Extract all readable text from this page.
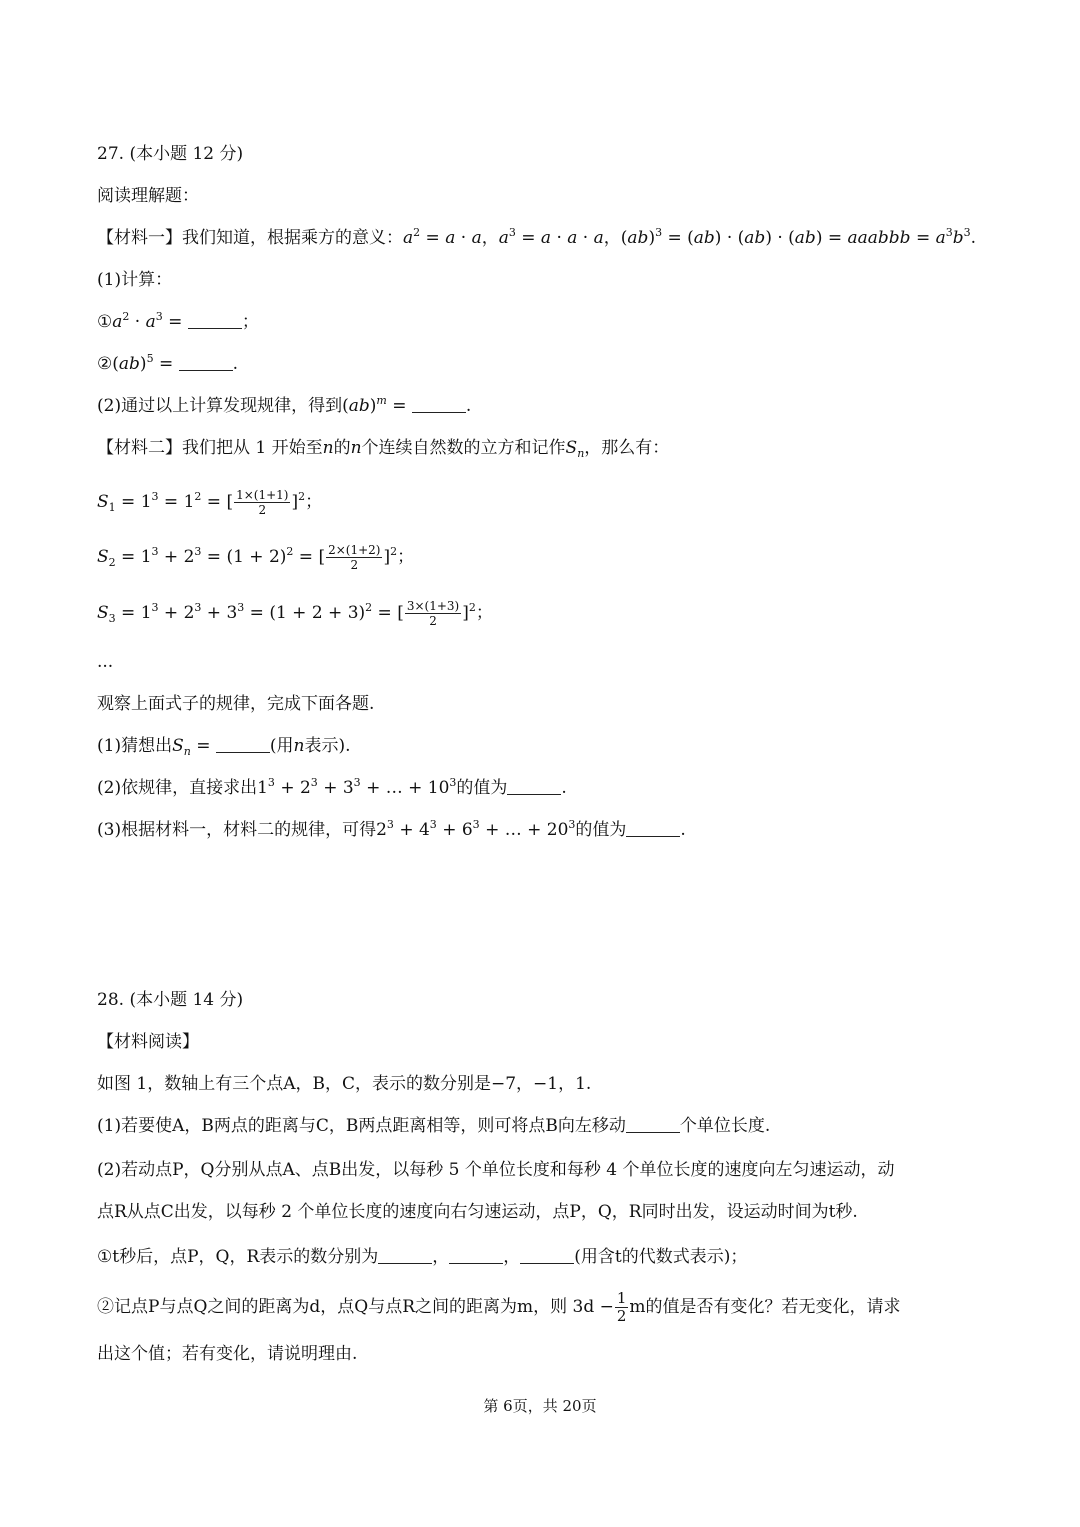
27. (本小题 12 分)
阅读理解题：
【材料一】我们知道，根据乘方的意义：$a^2 = a \cdot a$，$a^3 = a \cdot a \cdot a$，(ab)$^3$ = (ab) · (ab) · (ab) = aaabbb = $a^3b^3$.
(1)计算：
$①a^2 \cdot a^3$ =	；
②(ab)$^5$ =	.
(2)通过以上计算发现规律，得到(ab)$^m$ =	.
【材料二】我们把从 1 开始至n的n个连续自然数的立方和记作$S_n$，那么有：
$S_1 = 1^3 = 1^2$ = [ $\frac{1\times(1+1)}{2} ]^2$；
$S_2 = 1^3 + 2^3 = (1 + 2)^2$ = [ $\frac{2\times(1+2)}{2} ]^2$；
$S_3 = 1^3 + 2^3 + 3^3 = (1 + 2 + 3)^2$ = [ $\frac{3\times(1+3)}{2} ]^2$；
...
观察上面式子的规律，完成下面各题.
(1)猜想出$S_n$ =	(用n表示).
(2)依规律，直接求出$1^3 + 2^3 + 3^3$ + … + $10^3$的值为	.
(3)根据材料一，材料二的规律，可得$2^3 + 4^3 + 6^3$ + … + $20^3$的值为	.
28. (本小题 14 分)
【材料阅读】
如图 1，数轴上有三个点A，B，C，表示的数分别是−7，−1，1.
(1)若要使A，B两点的距离与C，B两点距离相等，则可将点B向左移动	个单位长度.
(2)若动点P，Q分别从点A、点B出发，以每秒 5 个单位长度和每秒 4 个单位长度的速度向左匀速运动，动
点R从点C出发，以每秒 2 个单位长度的速度向右匀速运动，点P，Q，R同时出发，设运动时间为t秒.
①t秒后，点P，Q，R表示的数分别为	，	，	(用含t的代数式表示)；
②记点P与点Q之间的距离为d，点Q与点R之间的距离为m，则 $3d - \frac{1}{2}$ m的值是否有变化？若无变化，请求
出这个值；若有变化，请说明理由.
第 6页，共 20页
